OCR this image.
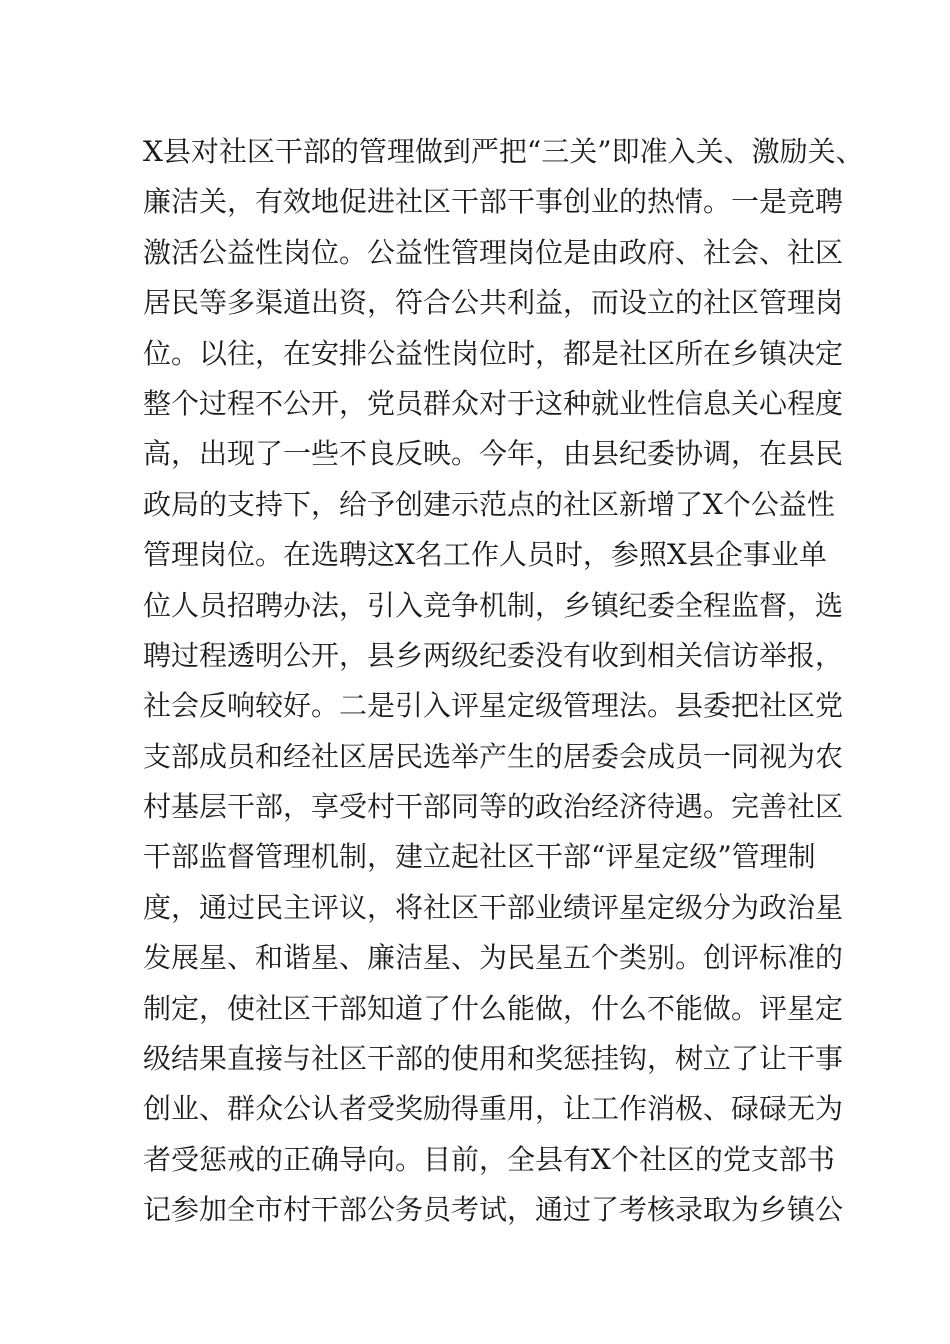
X县对社区干部的管理做到严把“三关”即准入关、激励关、
廉洁关，有效地促进社区干部干事创业的热情。一是竞聘
激活公益性岗位。公益性管理岗位是由政府、社会、社区
居民等多渠道出资，符合公共利益，而设立的社区管理岗
位。以往，在安排公益性岗位时，都是社区所在乡镇决定
整个过程不公开，党员群众对于这种就业性信息关心程度
高，出现了一些不良反映。今年，由县纪委协调，在县民
政局的支持下，给予创建示范点的社区新增了X个公益性
管理岗位。在选聘这X名工作人员时，参照X县企事业单
位人员招聘办法，引入竞争机制，乡镇纪委全程监督，选
聘过程透明公开，县乡两级纪委没有收到相关信访举报，
社会反响较好。二是引入评星定级管理法。县委把社区党
支部成员和经社区居民选举产生的居委会成员一同视为农
村基层干部，享受村干部同等的政治经济待遇。完善社区
干部监督管理机制，建立起社区干部“评星定级”管理制
度，通过民主评议，将社区干部业绩评星定级分为政治星
发展星、和谐星、廉洁星、为民星五个类别。创评标准的
制定，使社区干部知道了什么能做，什么不能做。评星定
级结果直接与社区干部的使用和奖惩挂钩，树立了让干事
创业、群众公认者受奖励得重用，让工作消极、碌碌无为
者受惩戒的正确导向。目前，全县有X个社区的党支部书
记参加全市村干部公务员考试，通过了考核录取为乡镇公
